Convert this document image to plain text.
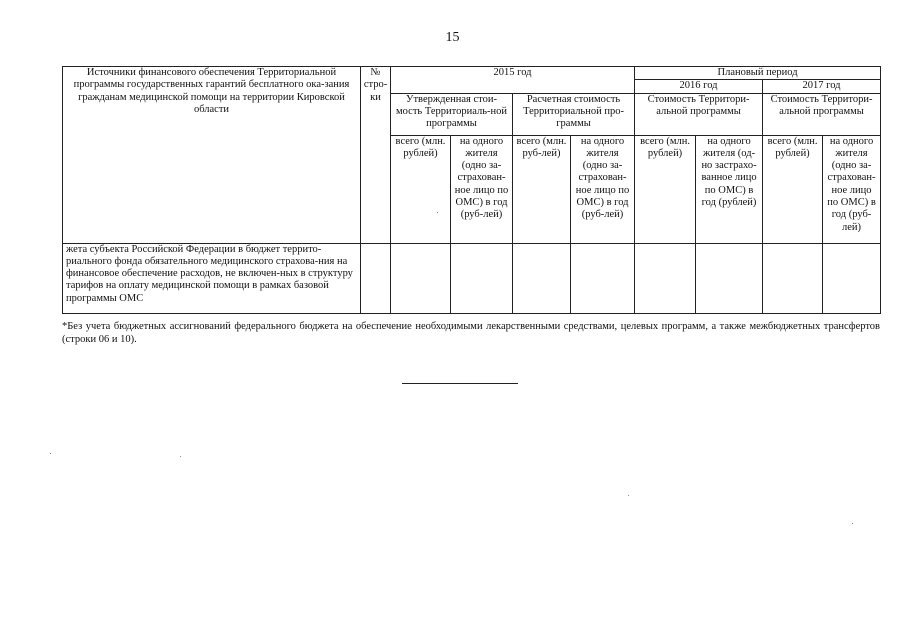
15
Источники финансового обеспечения Территориальной программы государственных гарантий бесплатного ока-зания гражданам медицинской помощи на территории Кировской области	№ стро-ки	2015 год				Плановый период			
						2016 год		2017 год	
		Утвержденная стои-мость Территориаль-ной программы		Расчетная стоимость Территориальной про-граммы		Стоимость Территори-альной программы		Стоимость Территори-альной программы	
		всего (млн. рублей)	на одного жителя (одно за-страхован-ное лицо по ОМС) в год (руб-лей)	всего (млн. руб-лей)	на одного жителя (одно за-страхован-ное лицо по ОМС) в год (руб-лей)	всего (млн. рублей)	на одного жителя (од-но застрахо-ванное лицо по ОМС) в год (рублей)	всего (млн. рублей)	на одного жителя (одно за-страхован-ное лицо по ОМС) в год (руб-лей)
жета субъекта Российской Федерации в бюджет террито-риального фонда обязательного медицинского страхова-ния на финансовое обеспечение расходов, не включен-ных в структуру тарифов на оплату медицинской помощи в рамках базовой программы ОМС									
*Без учета бюджетных ассигнований федерального бюджета на обеспечение необходимыми лекарственными средствами, целевых программ, а также межбюджетных трансфертов (строки 06 и 10).
